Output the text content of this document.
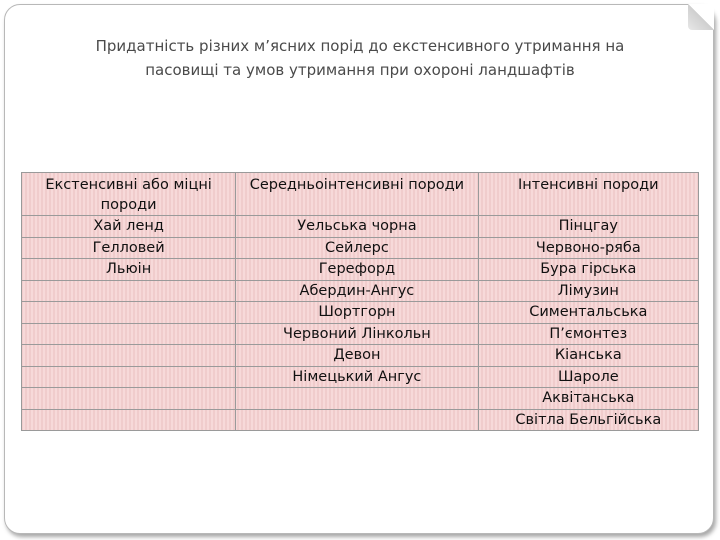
Придатність різних м’ясних порід до екстенсивного утримання на
пасовищі та умов утримання при охороні ландшафтів
Екстенсивні або міцні
породи	Середньоінтенсивні породи	Інтенсивні породи

Хай ленд	Уельська чорна	Пінцгау
Гелловей	Сейлерс	Червоно-ряба
Льюін	Герефорд	Бура гірська
	Абердин-Ангус	Лімузин
	Шортгорн	Симентальська
	Червоний Лінкольн	П’ємонтез
	Девон	Кіанська
	Німецький Ангус	Шароле
		Аквітанська
		Світла Бельгійська
